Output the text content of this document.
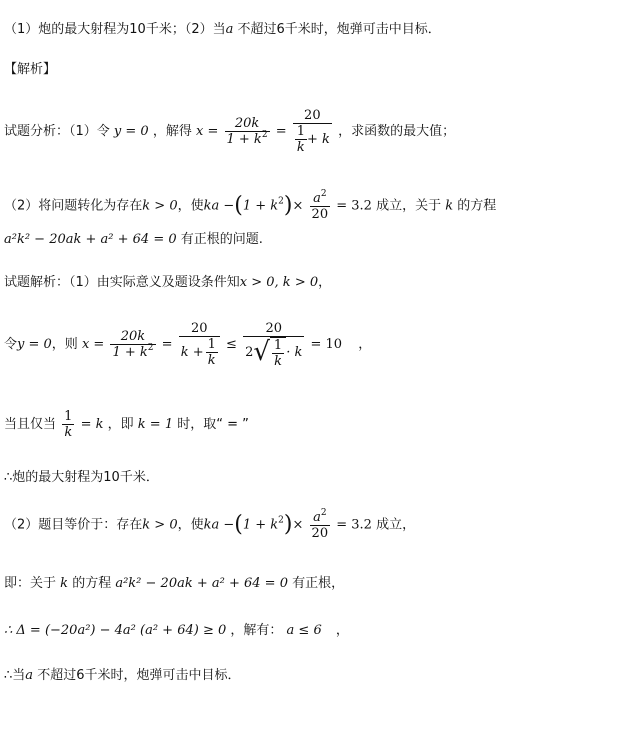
（1）炮的最大射程为10千米；（2）当a 不超过6千米时，炮弹可击中目标．
【解析】
试题分析：（1）令 y = 0 ，解得 $x = \frac{20k}{1 + k^2} = \frac{20}{\frac{1}{k} + k}$ ，求函数的最大值；
（2）将问题转化为存在k > 0，使ka $-(1 + k^2)\times \frac{a^2}{20} = 3.2$ 成立，关于 k 的方程
a²k² − 20ak + a² + 64 = 0 有正根的问题.
试题解析：（1）由实际意义及题设条件知x > 0, k > 0，
令y = 0，则 $x = \frac{20k}{1 + k^2} = \frac{20}{k + \frac{1}{k}} \le \frac{20}{2 √ \frac{1}{k} \cdot k} = 10$ ，
当且仅当 $\frac{1}{k} = k$ ，即 k = 1 时，取“ = ”
∴炮的最大射程为10千米．
（2）题目等价于：存在k > 0，使ka $-(1 + k^2)\times \frac{a^2}{20} = 3.2$ 成立，
即：关于 k 的方程 a²k² − 20ak + a² + 64 = 0 有正根，
∴ Δ = (−20a²) − 4a² (a² + 64) ≥ 0 ，解有： a ≤ 6 ，
∴当a 不超过6千米时，炮弹可击中目标．
